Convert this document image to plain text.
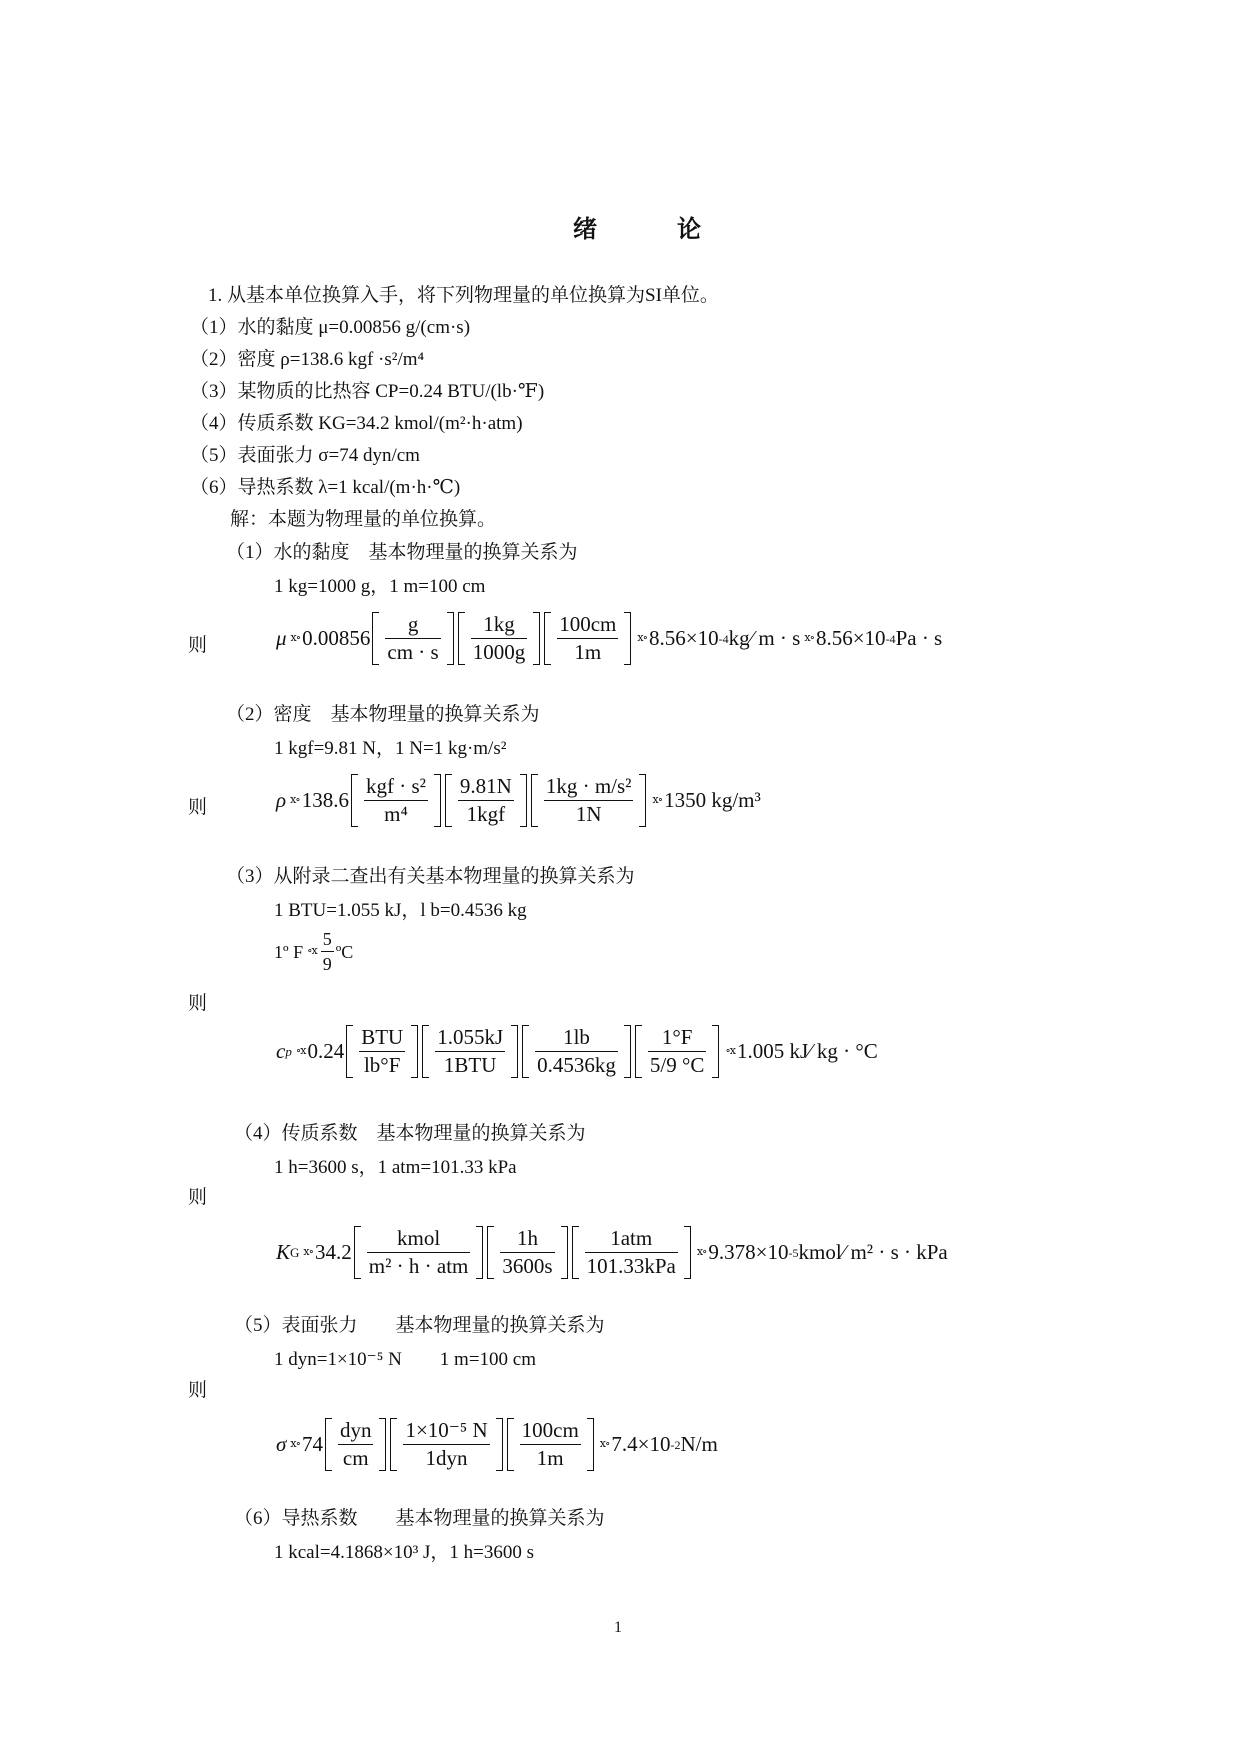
绪　论
1. 从基本单位换算入手，将下列物理量的单位换算为SI单位。
（1）水的黏度 μ=0.00856 g/(cm·s)
（2）密度 ρ=138.6 kgf ·s²/m⁴
（3）某物质的比热容 CP=0.24 BTU/(lb·℉)
（4）传质系数 KG=34.2 kmol/(m²·h·atm)
（5）表面张力 σ=74 dyn/cm
（6）导热系数 λ=1 kcal/(m·h·℃)
解：本题为物理量的单位换算。
（1）水的黏度　基本物理量的换算关系为
1 kg=1000 g，1 m=100 cm
则	μ ⅹ∘ $0.00856 \frac{g}{cm \cdot s} \frac{1kg}{1000g} \frac{100cm}{1m}$ ⅹ∘ 8.56×10 -4 kg⁄ m · s ⅹ∘ 8.56×10 -4 Pa · s
（2）密度　基本物理量的换算关系为
1 kgf=9.81 N，1 N=1 kg·m/s²
则	ρ ⅹ∘ $138.6 \frac{\text{kgf · s²}}{\text{m⁴}} \frac{9.81N}{\text{1kgf}} \frac{\text{1kg · m/s²}}{1N}$ ⅹ∘ 1350 kg/m³
（3）从附录二查出有关基本物理量的换算关系为
1 BTU=1.055 kJ，l b=0.4536 kg
1º F ∘ⅹ $\frac{5}{9}$ ºC
则
c p ∘ⅹ $0.24 \frac{\text{BTU}}{lb^\circ F} \frac{1.055kJ}{\text{1BTU}} \frac{1lb}{0.4536kg} \frac{1^\circ F}{5/9 ^\circ C}$ ∘ⅹ 1.005 kJ⁄ kg · °C
（4）传质系数　基本物理量的换算关系为
1 h=3600 s，1 atm=101.33 kPa
则
K G ⅹ∘ $34.2 \frac{\text{kmol}}{\text{m² · h · atm}} \frac{1h}{3600s} \frac{\text{1atm}}{\text{101.33kPa}}$ ⅹ∘ 9.378×10 -5 kmol⁄ m² · s · kPa
（5）表面张力　　基本物理量的换算关系为
1 dyn=1×10⁻⁵ N　　1 m=100 cm
则
σ ⅹ∘ $74 \frac{\text{dyn}}{cm} \frac{\text{1×10⁻⁵ N}}{\text{1dyn}} \frac{100cm}{1m}$ ⅹ∘ 7.4×10 -2 N/m
（6）导热系数　　基本物理量的换算关系为
1 kcal=4.1868×10³ J，1 h=3600 s
1
